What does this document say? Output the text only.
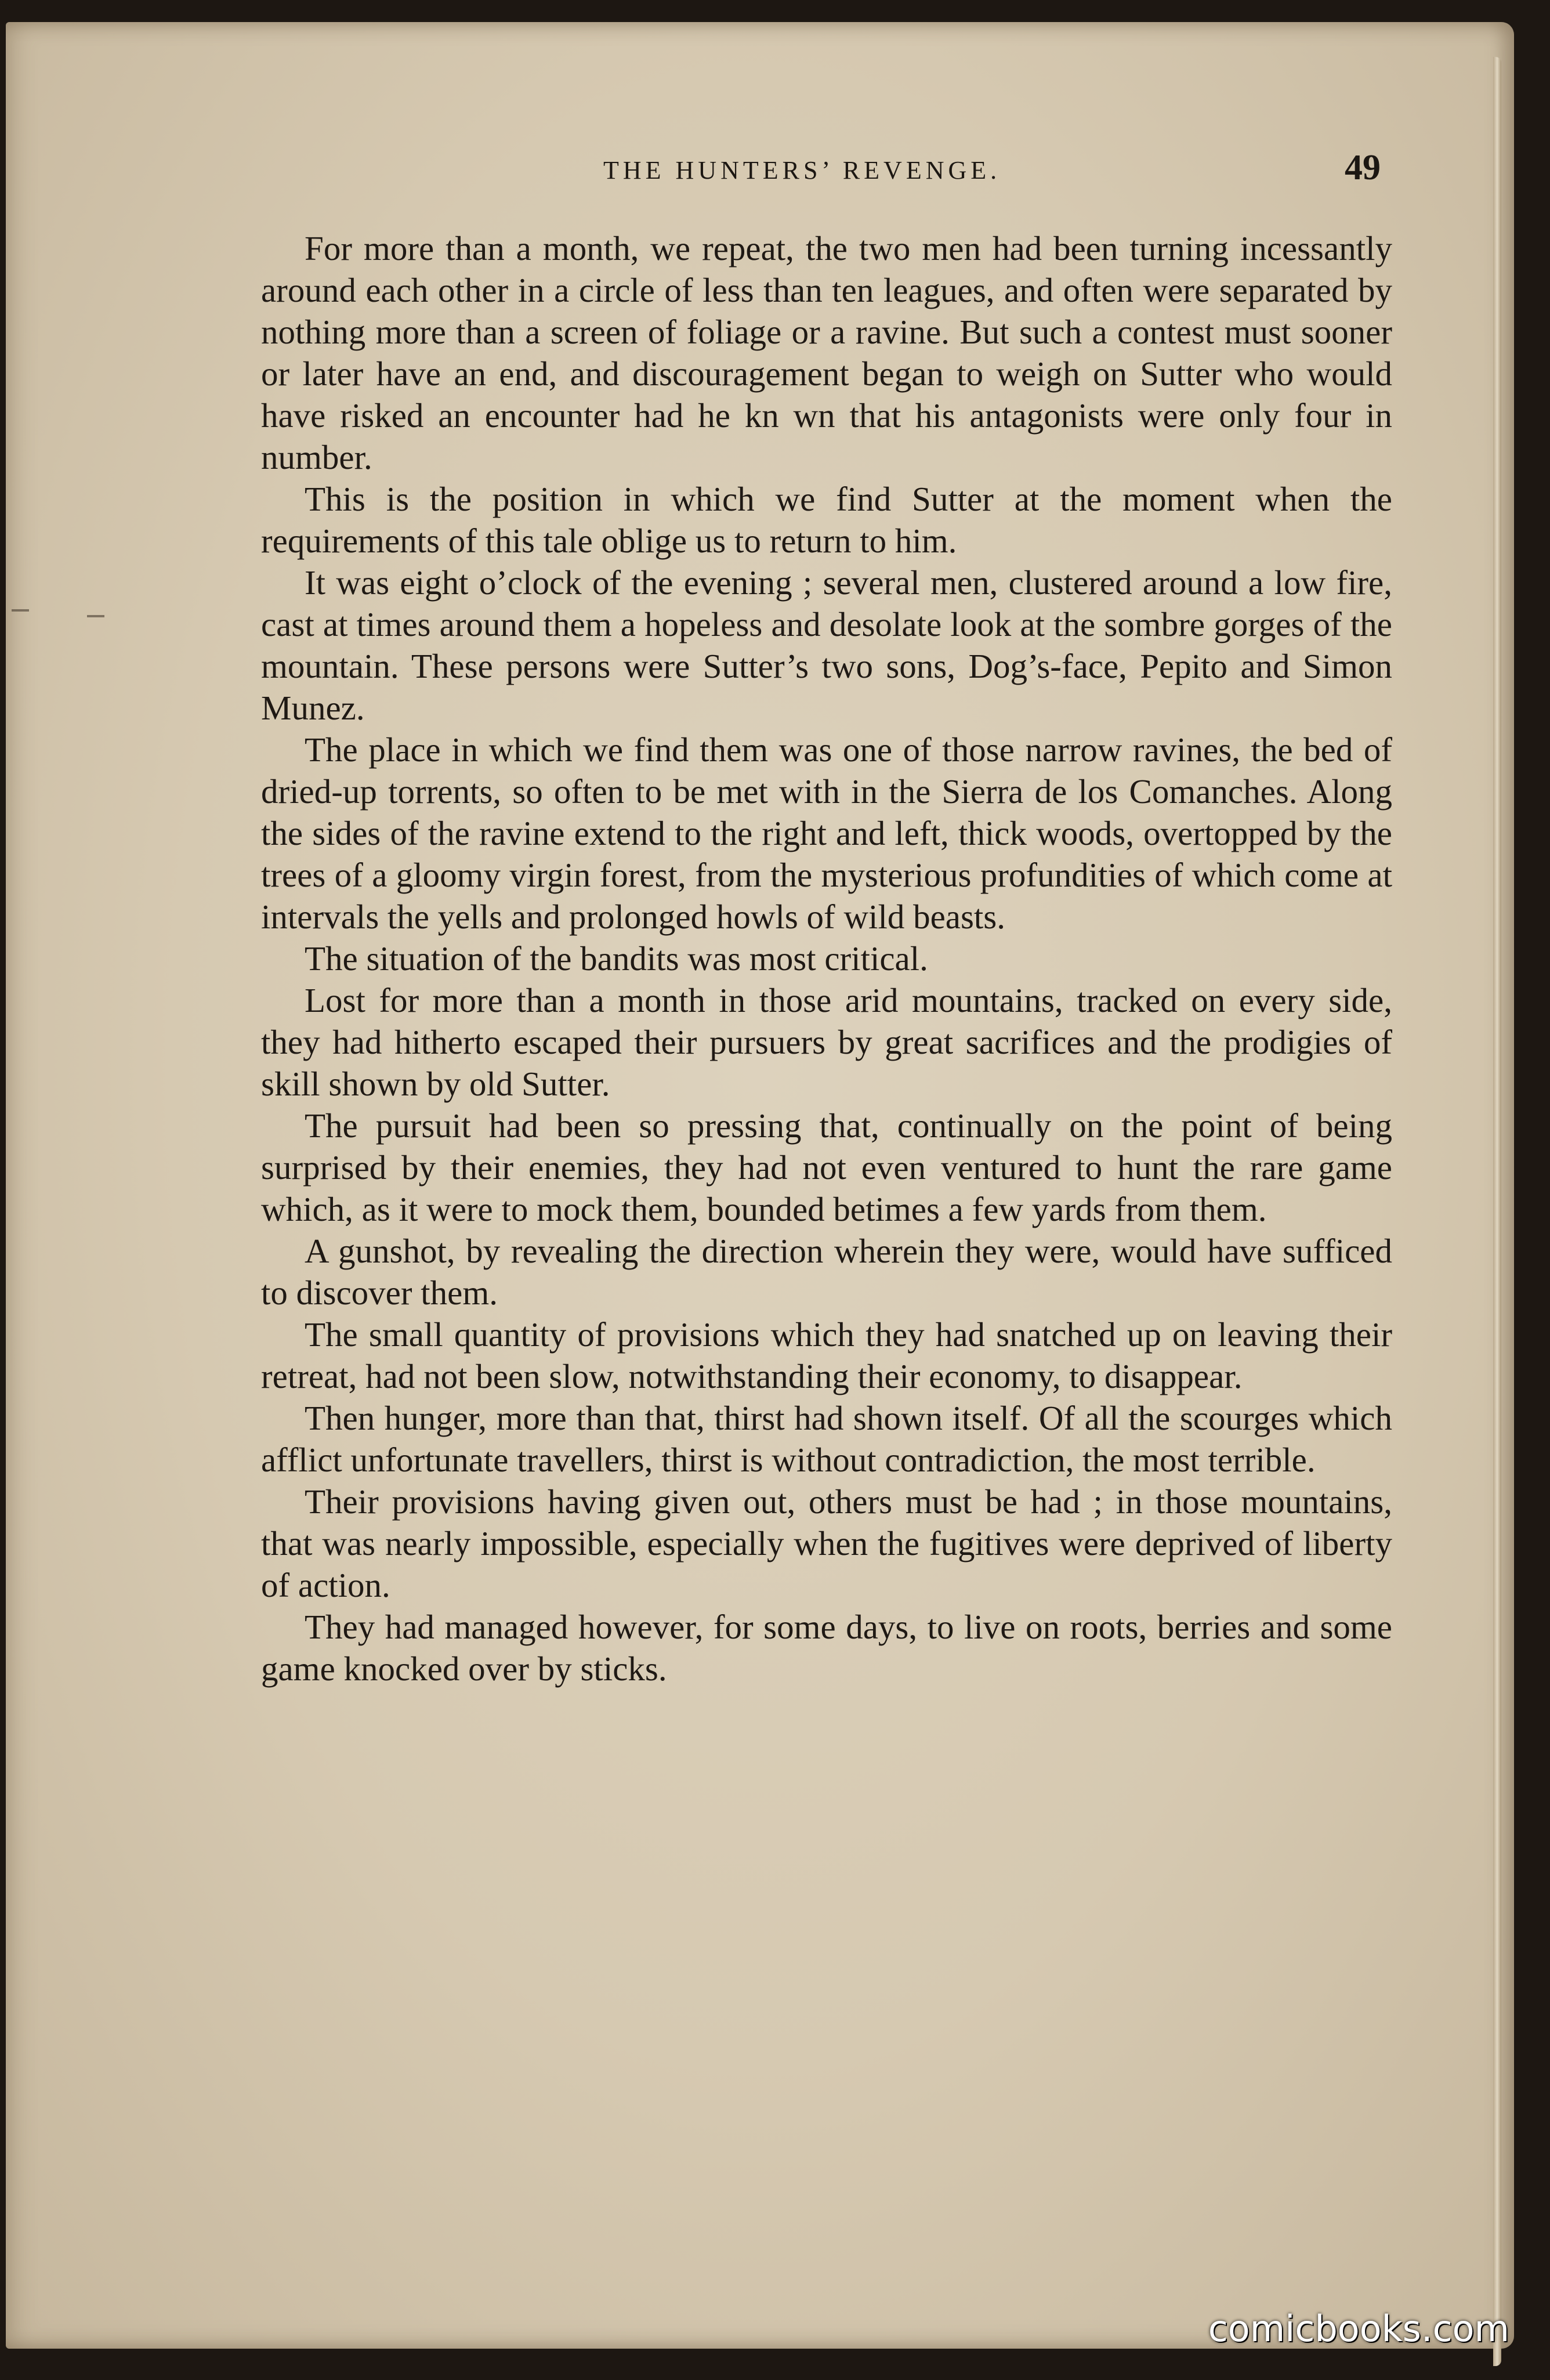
THE HUNTERS’ REVENGE.	49

For more than a month, we repeat, the two men had been turning incessantly around each other in a circle of less than ten leagues, and often were separated by nothing more than a screen of foliage or a ravine. But such a contest must sooner or later have an end, and discouragement began to weigh on Sutter who would have risked an encounter had he kn wn that his antagonists were only four in number.

This is the position in which we find Sutter at the moment when the requirements of this tale oblige us to return to him.

It was eight o’clock of the evening ; several men, clustered around a low fire, cast at times around them a hopeless and desolate look at the sombre gorges of the mountain. These persons were Sutter’s two sons, Dog’s-face, Pepito and Simon Munez.

The place in which we find them was one of those narrow ravines, the bed of dried-up torrents, so often to be met with in the Sierra de los Comanches. Along the sides of the ravine extend to the right and left, thick woods, overtopped by the trees of a gloomy virgin forest, from the mysterious profundities of which come at intervals the yells and prolonged howls of wild beasts.

The situation of the bandits was most critical.

Lost for more than a month in those arid mountains, tracked on every side, they had hitherto escaped their pursuers by great sacrifices and the prodigies of skill shown by old Sutter.

The pursuit had been so pressing that, continually on the point of being surprised by their enemies, they had not even ventured to hunt the rare game which, as it were to mock them, bounded betimes a few yards from them.

A gunshot, by revealing the direction wherein they were, would have sufficed to discover them.

The small quantity of provisions which they had snatched up on leaving their retreat, had not been slow, notwithstanding their economy, to disappear.

Then hunger, more than that, thirst had shown itself. Of all the scourges which afflict unfortunate travellers, thirst is without contradiction, the most terrible.

Their provisions having given out, others must be had ; in those mountains, that was nearly impossible, especially when the fugitives were deprived of liberty of action.

They had managed however, for some days, to live on roots, berries and some game knocked over by sticks.

comicbooks.com
